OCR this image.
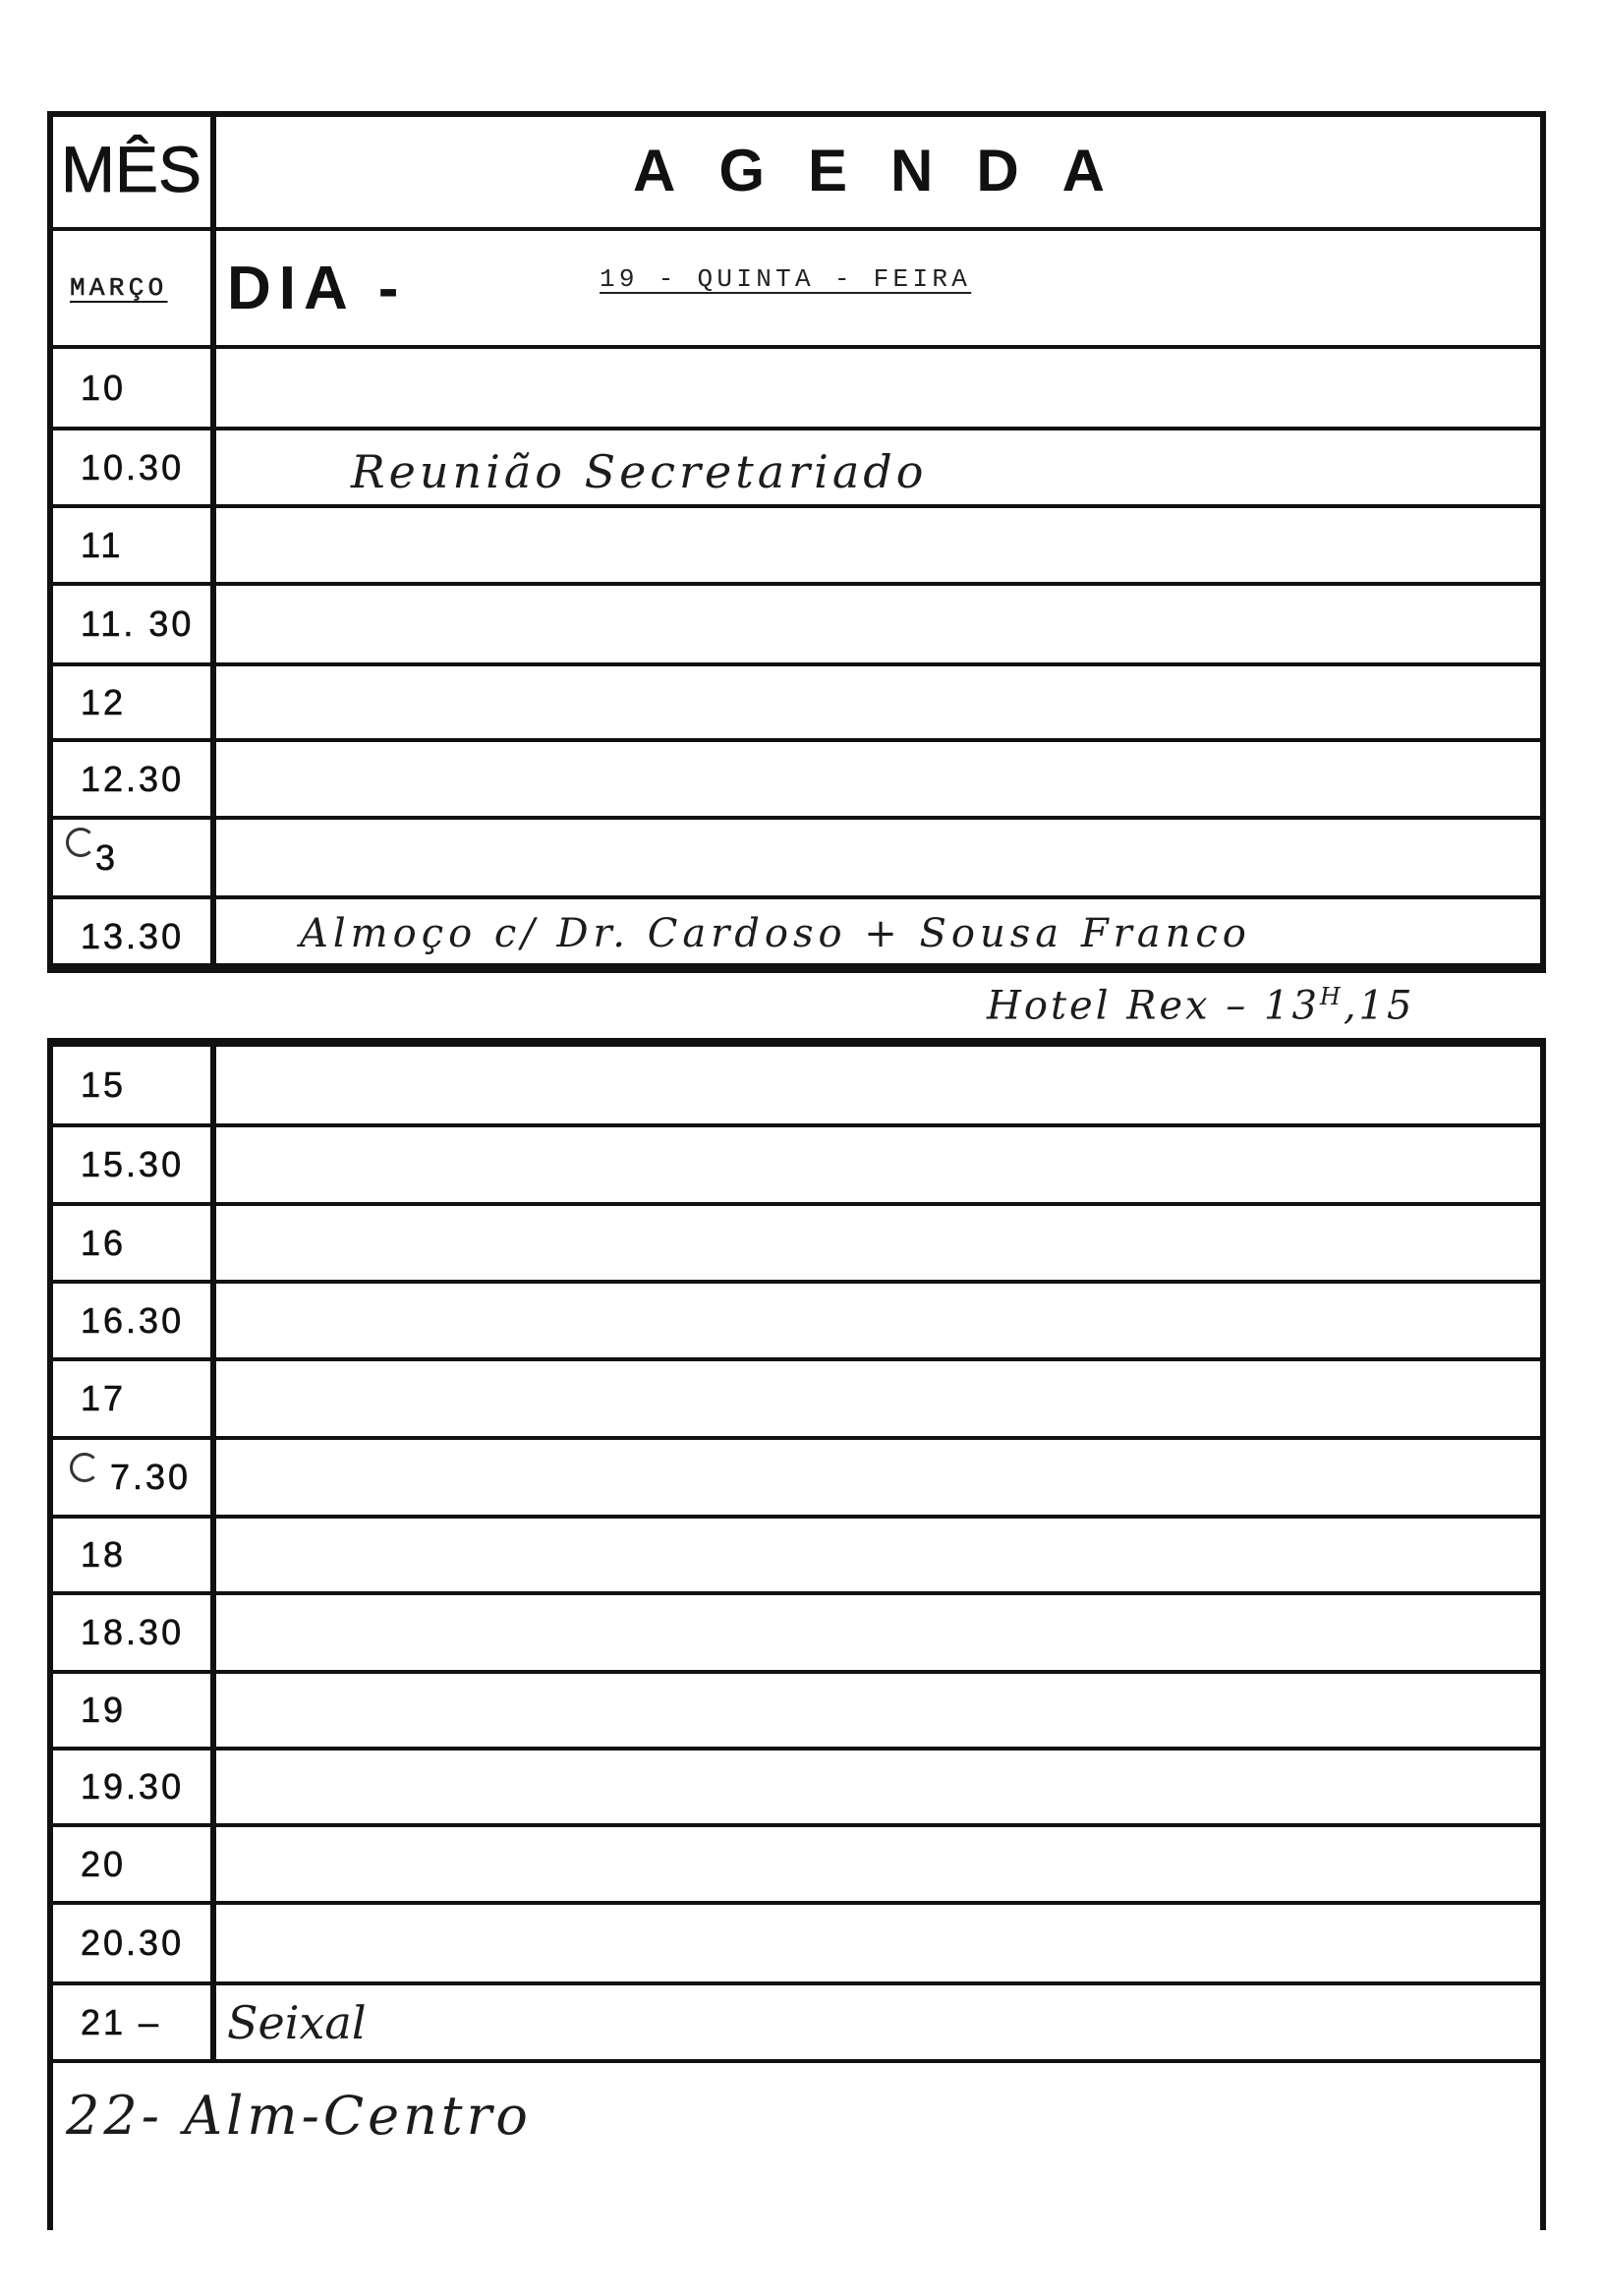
MÊS	AGENDA
MARÇO DIA -	19 - QUINTA - FEIRA
10
10.30	Reunião Secretariado
11
11. 30
12
12.30
3
13.30	Almoço c/ Dr. Cardoso + Sousa Franco
Hotel Rex – $13^H,15$
15
15.30
16
16.30
17
7.30
18
18.30
19
19.30
20
20.30
21 –	Seixal
22- Alm-Centro
